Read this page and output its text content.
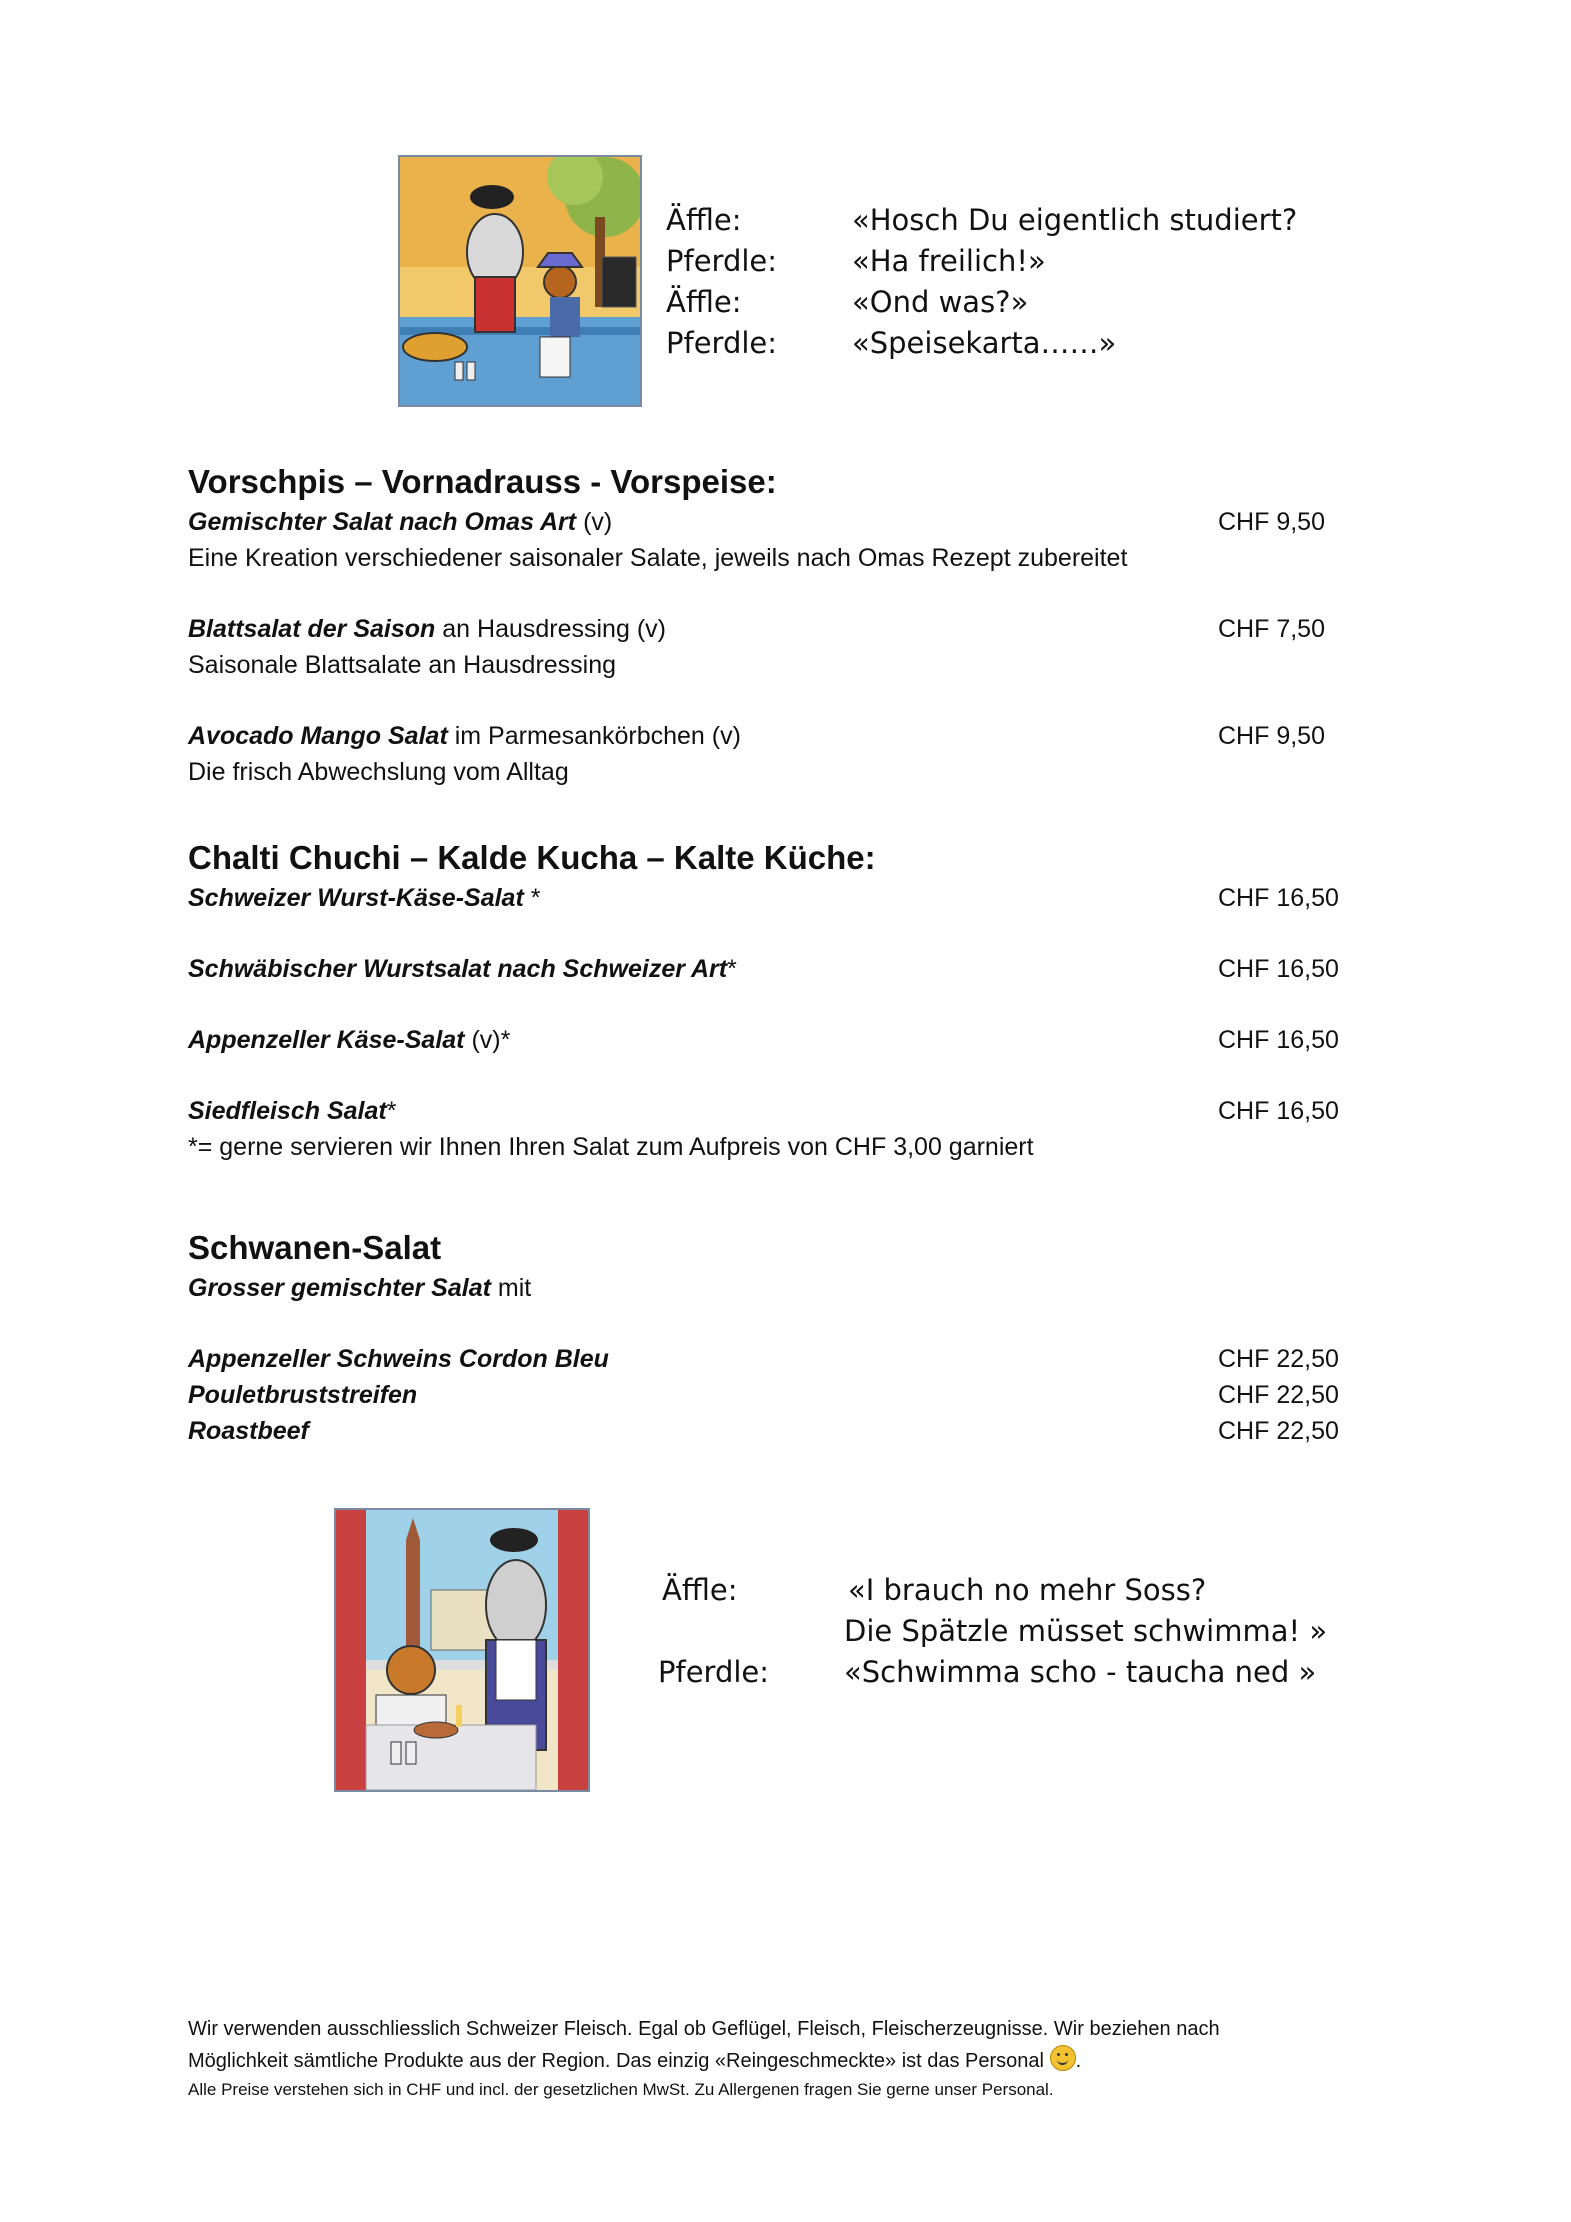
Äffle:	«Hosch Du eigentlich studiert?
Pferdle:	«Ha freilich!»
Äffle:	«Ond was?»
Pferdle:	«Speisekarta……»
Vorschpis – Vornadrauss - Vorspeise:
Gemischter Salat nach Omas Art (v)	CHF 9,50
Eine Kreation verschiedener saisonaler Salate, jeweils nach Omas Rezept zubereitet
Blattsalat der Saison an Hausdressing (v)	CHF 7,50
Saisonale Blattsalate an Hausdressing
Avocado Mango Salat im Parmesankörbchen (v)	CHF 9,50
Die frisch Abwechslung vom Alltag
Chalti Chuchi – Kalde Kucha – Kalte Küche:
Schweizer Wurst-Käse-Salat *	CHF 16,50
Schwäbischer Wurstsalat nach Schweizer Art*	CHF 16,50
Appenzeller Käse-Salat (v)*	CHF 16,50
Siedfleisch Salat*	CHF 16,50
*= gerne servieren wir Ihnen Ihren Salat zum Aufpreis von CHF 3,00 garniert
Schwanen-Salat
Grosser gemischter Salat mit
Appenzeller Schweins Cordon Bleu	CHF 22,50
Pouletbruststreifen	CHF 22,50
Roastbeef	CHF 22,50
Äffle:	«I brauch no mehr Soss?
Die Spätzle müsset schwimma! »
Pferdle:	«Schwimma scho - taucha ned »

Wir verwenden ausschliesslich Schweizer Fleisch. Egal ob Geflügel, Fleisch, Fleischerzeugnisse. Wir beziehen nach

Möglichkeit sämtliche Produkte aus der Region. Das einzig «Reingeschmeckte» ist das Personal .

Alle Preise verstehen sich in CHF und incl. der gesetzlichen MwSt. Zu Allergenen fragen Sie gerne unser Personal.
